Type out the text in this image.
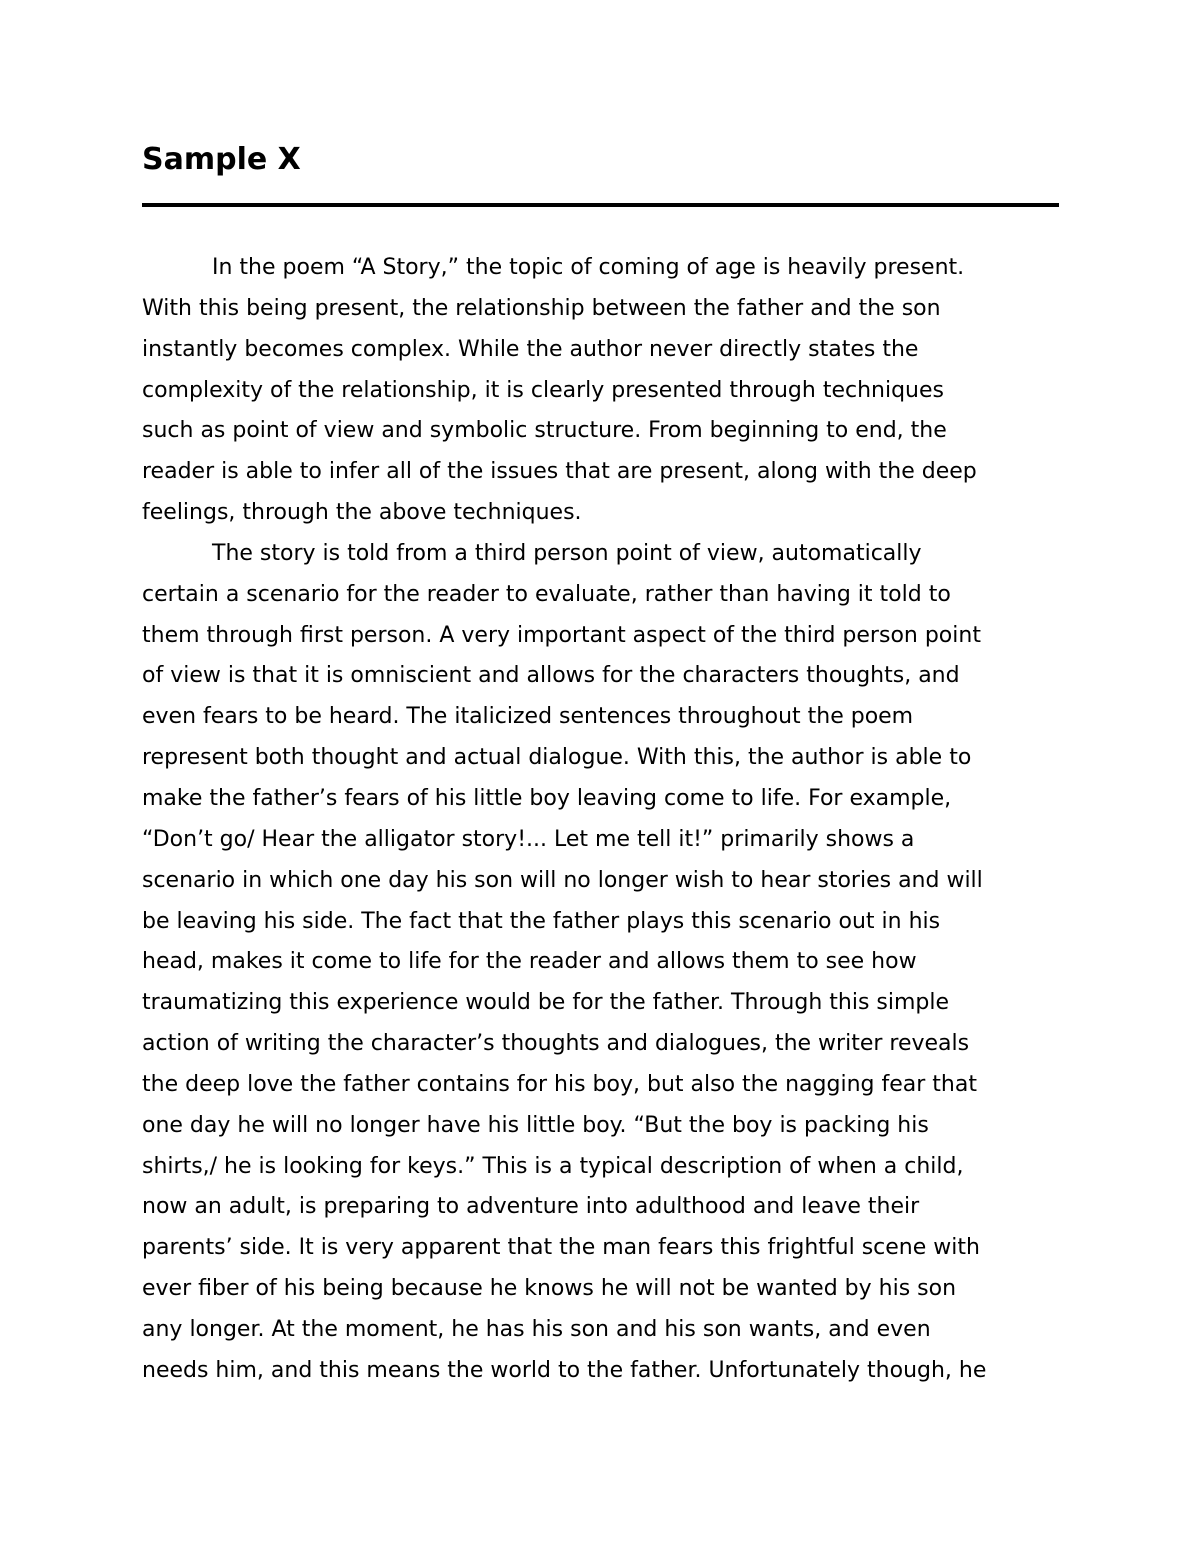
Sample X
In the poem “A Story,” the topic of coming of age is heavily present.
With this being present, the relationship between the father and the son
instantly becomes complex. While the author never directly states the
complexity of the relationship, it is clearly presented through techniques
such as point of view and symbolic structure. From beginning to end, the
reader is able to infer all of the issues that are present, along with the deep
feelings, through the above techniques.
The story is told from a third person point of view, automatically
certain a scenario for the reader to evaluate, rather than having it told to
them through first person. A very important aspect of the third person point
of view is that it is omniscient and allows for the characters thoughts, and
even fears to be heard. The italicized sentences throughout the poem
represent both thought and actual dialogue. With this, the author is able to
make the father’s fears of his little boy leaving come to life. For example,
“Don’t go/ Hear the alligator story!... Let me tell it!” primarily shows a
scenario in which one day his son will no longer wish to hear stories and will
be leaving his side. The fact that the father plays this scenario out in his
head, makes it come to life for the reader and allows them to see how
traumatizing this experience would be for the father. Through this simple
action of writing the character’s thoughts and dialogues, the writer reveals
the deep love the father contains for his boy, but also the nagging fear that
one day he will no longer have his little boy. “But the boy is packing his
shirts,/ he is looking for keys.” This is a typical description of when a child,
now an adult, is preparing to adventure into adulthood and leave their
parents’ side. It is very apparent that the man fears this frightful scene with
ever fiber of his being because he knows he will not be wanted by his son
any longer. At the moment, he has his son and his son wants, and even
needs him, and this means the world to the father. Unfortunately though, he
